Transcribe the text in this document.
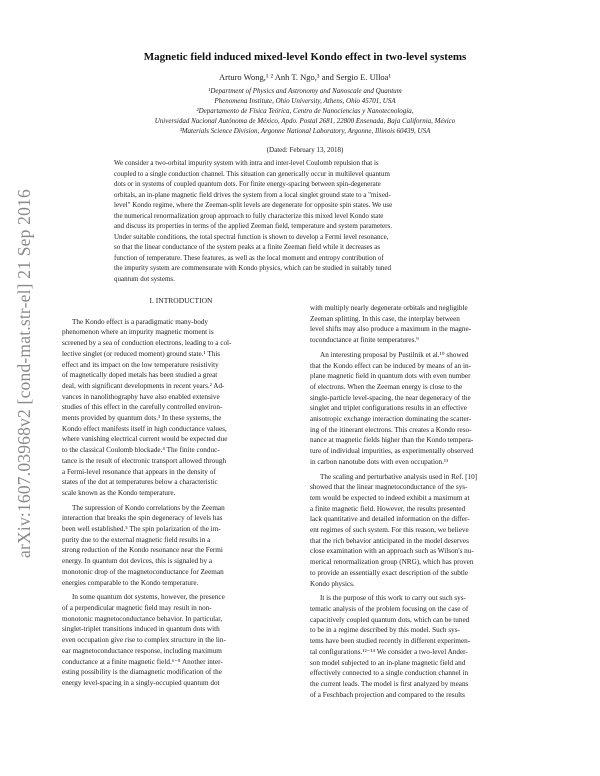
arXiv:1607.03968v2 [cond-mat.str-el] 21 Sep 2016
Magnetic field induced mixed-level Kondo effect in two-level systems
Arturo Wong,¹ ² Anh T. Ngo,³ and Sergio E. Ulloa¹
¹Department of Physics and Astronomy and Nanoscale and Quantum
Phenomena Institute, Ohio University, Athens, Ohio 45701, USA
²Departamento de Física Teórica, Centro de Nanociencias y Nanotecnología,
Universidad Nacional Autónoma de México, Apdo. Postal 2681, 22800 Ensenada, Baja California, México
³Materials Science Division, Argonne National Laboratory, Argonne, Illinois 60439, USA
(Dated: February 13, 2018)
We consider a two-orbital impurity system with intra and inter-level Coulomb repulsion that is
coupled to a single conduction channel. This situation can generically occur in multilevel quantum
dots or in systems of coupled quantum dots. For finite energy-spacing between spin-degenerate
orbitals, an in-plane magnetic field drives the system from a local singlet ground state to a "mixed-
level" Kondo regime, where the Zeeman-split levels are degenerate for opposite spin states. We use
the numerical renormalization group approach to fully characterize this mixed level Kondo state
and discuss its properties in terms of the applied Zeeman field, temperature and system parameters.
Under suitable conditions, the total spectral function is shown to develop a Fermi level resonance,
so that the linear conductance of the system peaks at a finite Zeeman field while it decreases as
function of temperature. These features, as well as the local moment and entropy contribution of
the impurity system are commensurate with Kondo physics, which can be studied in suitably tuned
quantum dot systems.
I. INTRODUCTION
The Kondo effect is a paradigmatic many-body
phenomenon where an impurity magnetic moment is
screened by a sea of conduction electrons, leading to a col-
lective singlet (or reduced moment) ground state.¹ This
effect and its impact on the low temperature resistivity
of magnetically doped metals has been studied a great
deal, with significant developments in recent years.² Ad-
vances in nanolithography have also enabled extensive
studies of this effect in the carefully controlled environ-
ments provided by quantum dots.³ In these systems, the
Kondo effect manifests itself in high conductance values,
where vanishing electrical current would be expected due
to the classical Coulomb blockade.⁴ The finite conduc-
tance is the result of electronic transport allowed through
a Fermi-level resonance that appears in the density of
states of the dot at temperatures below a characteristic
scale known as the Kondo temperature.
The supression of Kondo correlations by the Zeeman
interaction that breaks the spin degeneracy of levels has
been well established.⁵ The spin polarization of the im-
purity due to the external magnetic field results in a
strong reduction of the Kondo resonance near the Fermi
energy. In quantum dot devices, this is signaled by a
monotonic drop of the magnetoconductance for Zeeman
energies comparable to the Kondo temperature.
In some quantum dot systems, however, the presence
of a perpendicular magnetic field may result in non-
monotonic magnetoconductance behavior. In particular,
singlet-triplet transitions induced in quantum dots with
even occupation give rise to complex structure in the lin-
ear magnetoconductance response, including maximum
conductance at a finite magnetic field.⁶⁻⁸ Another inter-
esting possibility is the diamagnetic modification of the
energy level-spacing in a singly-occupied quantum dot
with multiply nearly degenerate orbitals and negligible
Zeeman splitting. In this case, the interplay between
level shifts may also produce a maximum in the magne-
toconductance at finite temperatures.⁹
An interesting proposal by Pustilnik et al.¹⁰ showed
that the Kondo effect can be induced by means of an in-
plane magnetic field in quantum dots with even number
of electrons. When the Zeeman energy is close to the
single-particle level-spacing, the near degeneracy of the
singlet and triplet configurations results in an effective
anisotropic exchange interaction dominating the scatter-
ing of the itinerant electrons. This creates a Kondo reso-
nance at magnetic fields higher than the Kondo tempera-
ture of individual impurities, as experimentally observed
in carbon nanotube dots with even occupation.¹¹
The scaling and perturbative analysis used in Ref. [10]
showed that the linear magnetoconductance of the sys-
tem would be expected to indeed exhibit a maximum at
a finite magnetic field. However, the results presented
lack quantitative and detailed information on the differ-
ent regimes of such system. For this reason, we believe
that the rich behavior anticipated in the model deserves
close examination with an approach such as Wilson's nu-
merical renormalization group (NRG), which has proven
to provide an essentially exact description of the subtle
Kondo physics.
It is the purpose of this work to carry out such sys-
tematic analysis of the problem focusing on the case of
capacitively coupled quantum dots, which can be tuned
to be in a regime described by this model. Such sys-
tems have been studied recently in different experimen-
tal configurations.¹²⁻¹⁴ We consider a two-level Ander-
son model subjected to an in-plane magnetic field and
effectively connected to a single conduction channel in
the current leads. The model is first analyzed by means
of a Feschbach projection and compared to the results
